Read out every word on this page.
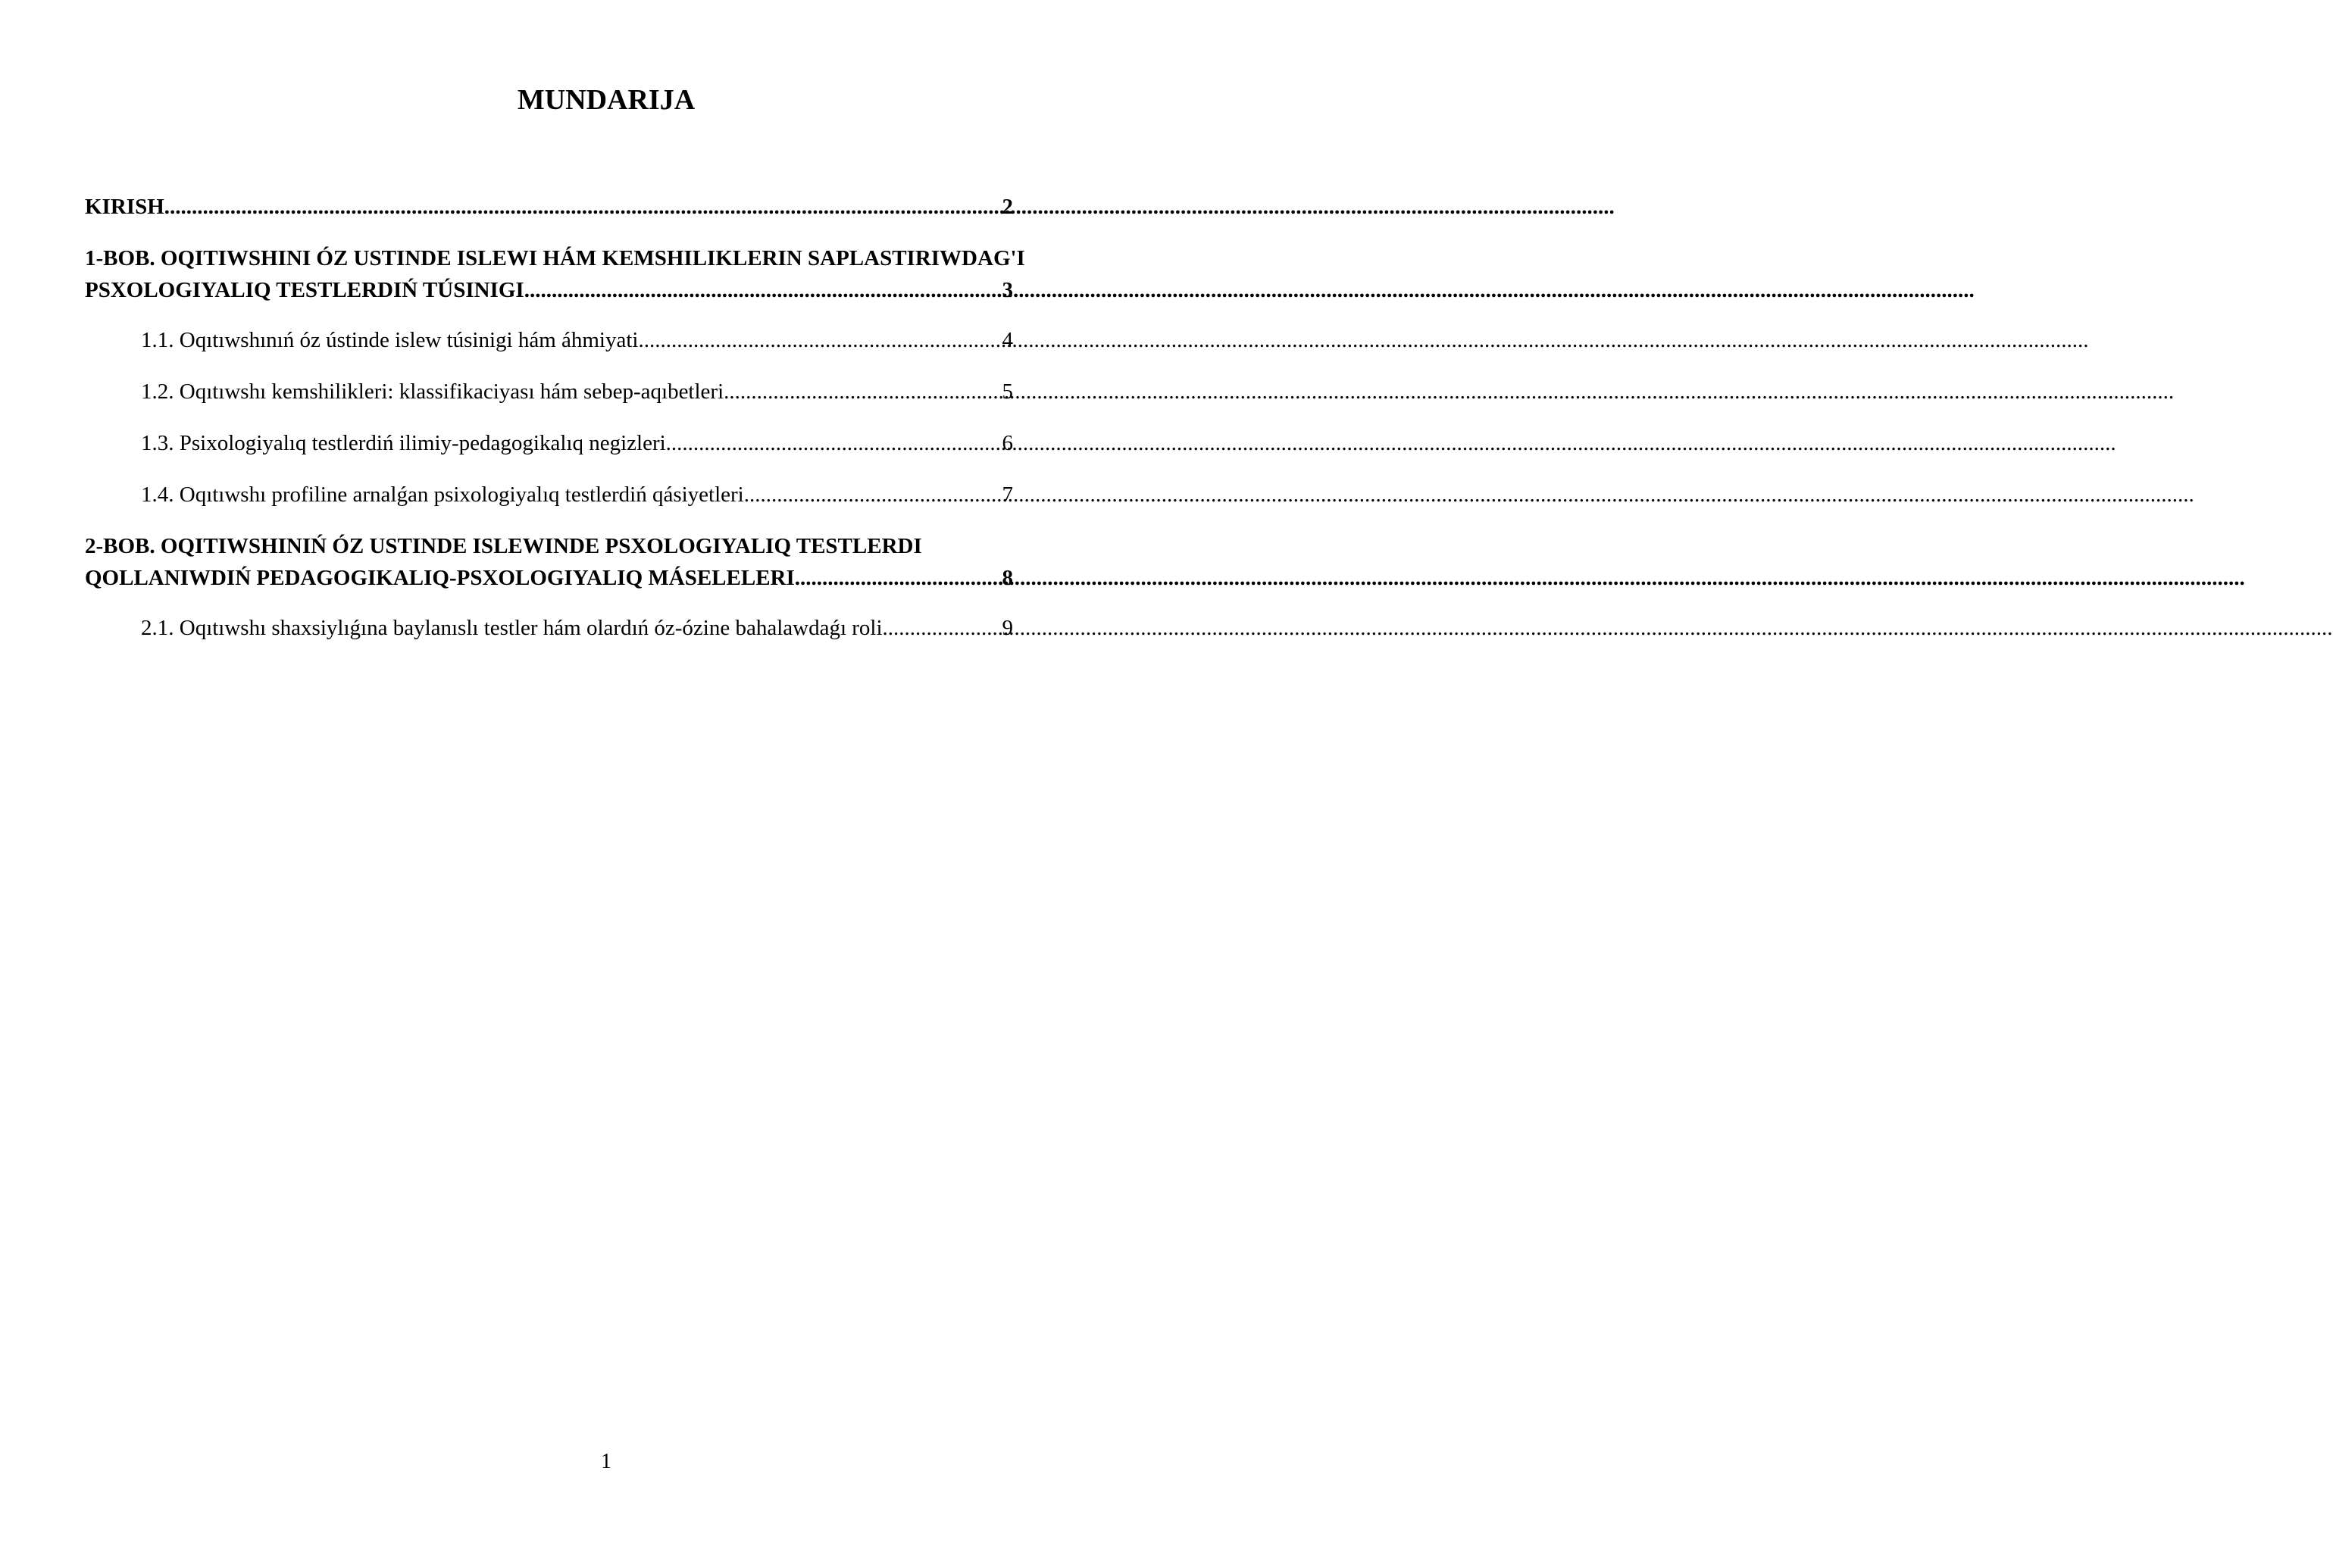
MUNDARIJA
KIRISH .....	2
1-BOB. OQITIWSHINI ÓZ USTINDE ISLEWI HÁM KEMSHILIKLERIN SAPLASTIRIWDAG'I
PSXOLOGIYALIQ TESTLERDIŃ TÚSINIGI .....	3
1.1. Oqıtıwshınıń óz ústinde islew túsinigi hám áhmiyati .....	4
1.2. Oqıtıwshı kemshilikleri: klassifikaciyası hám sebep-aqıbetleri .....	5
1.3. Psixologiyalıq testlerdiń ilimiy-pedagogikalıq negizleri .....	6
1.4. Oqıtıwshı profiline arnalǵan psixologiyalıq testlerdiń qásiyetleri .....	7
2-BOB. OQITIWSHINIŃ ÓZ USTINDE ISLEWINDE PSXOLOGIYALIQ TESTLERDI
QOLLANIWDIŃ PEDAGOGIKALIQ-PSXOLOGIYALIQ MÁSELELERI .....	8
2.1. Oqıtıwshı shaxsiylıǵına baylanıslı testler hám olardıń óz-ózine bahalawdaǵı roli .....	9
1
